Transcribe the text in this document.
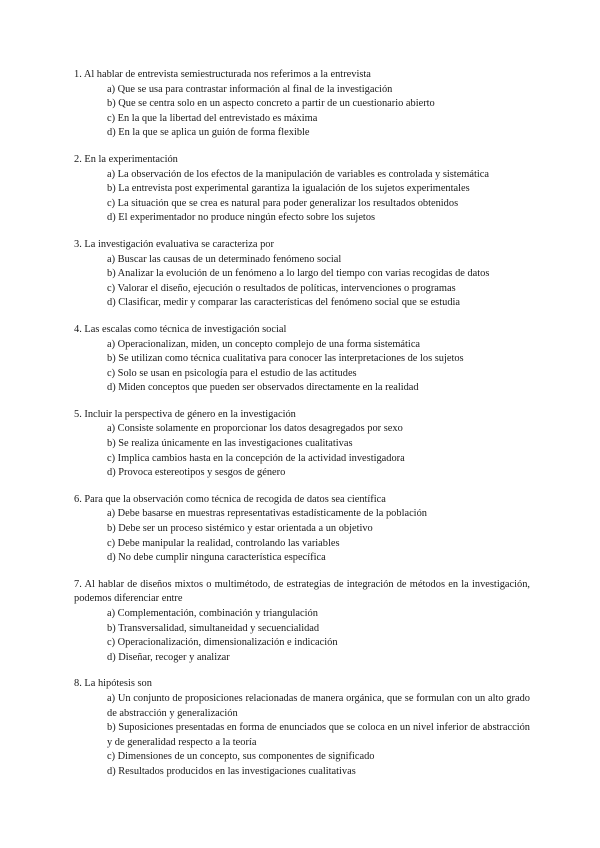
1. Al hablar de entrevista semiestructurada nos referimos a la entrevista

a) Que se usa para contrastar información al final de la investigación

b) Que se centra solo en un aspecto concreto a partir de un cuestionario abierto

c) En la que la libertad del entrevistado es máxima

d) En la que se aplica un guión de forma flexible

2. En la experimentación

a) La observación de los efectos de la manipulación de variables es controlada y sistemática

b) La entrevista post experimental garantiza la igualación de los sujetos experimentales

c) La situación que se crea es natural para poder generalizar los resultados obtenidos

d) El experimentador no produce ningún efecto sobre los sujetos

3. La investigación evaluativa se caracteriza por

a) Buscar las causas de un determinado fenómeno social

b) Analizar la evolución de un fenómeno a lo largo del tiempo con varias recogidas de datos

c) Valorar el diseño, ejecución o resultados de políticas, intervenciones o programas

d) Clasificar, medir y comparar las características del fenómeno social que se estudia

4. Las escalas como técnica de investigación social

a) Operacionalizan, miden, un concepto complejo de una forma sistemática

b) Se utilizan como técnica cualitativa para conocer las interpretaciones de los sujetos

c) Solo se usan en psicología para el estudio de las actitudes

d) Miden conceptos que pueden ser observados directamente en la realidad

5. Incluir la perspectiva de género en la investigación

a) Consiste solamente en proporcionar los datos desagregados por sexo

b) Se realiza únicamente en las investigaciones cualitativas

c) Implica cambios hasta en la concepción de la actividad investigadora

d) Provoca estereotipos y sesgos de género

6. Para que la observación como técnica de recogida de datos sea científica

a) Debe basarse en muestras representativas estadísticamente de la población

b) Debe ser un proceso sistémico y estar orientada a un objetivo

c) Debe manipular la realidad, controlando las variables

d) No debe cumplir ninguna característica específica

7. Al hablar de diseños mixtos o multimétodo, de estrategias de integración de métodos en la investigación, podemos diferenciar entre

a) Complementación, combinación y triangulación

b) Transversalidad, simultaneidad y secuencialidad

c) Operacionalización, dimensionalización e indicación

d) Diseñar, recoger y analizar

8. La hipótesis son

a) Un conjunto de proposiciones relacionadas de manera orgánica, que se formulan con un alto grado de abstracción y generalización

b) Suposiciones presentadas en forma de enunciados que se coloca en un nivel inferior de abstracción y de generalidad respecto a la teoría

c) Dimensiones de un concepto, sus componentes de significado

d) Resultados producidos en las investigaciones cualitativas
